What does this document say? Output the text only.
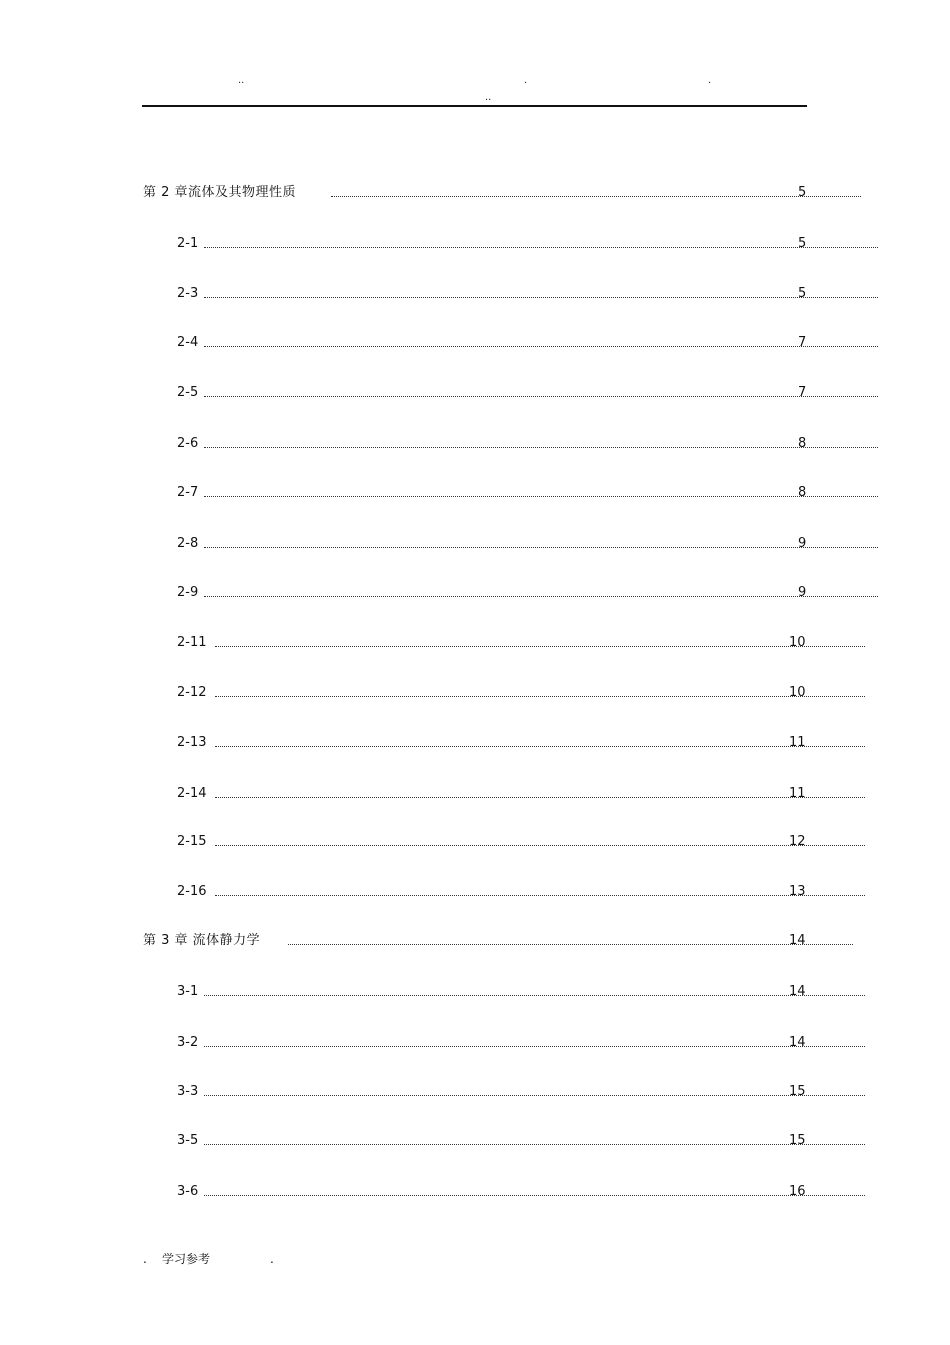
..	.	.
..
第 2 章流体及其物理性质	5
2-1	5
2-3	5
2-4	7
2-5	7
2-6	8
2-7	8
2-8	9
2-9	9
2-11	10
2-12	10
2-13	11
2-14	11
2-15	12
2-16	13
第 3 章 流体静力学	14
3-1	14
3-2	14
3-3	15
3-5	15
3-6	16
. 学习参考	.
